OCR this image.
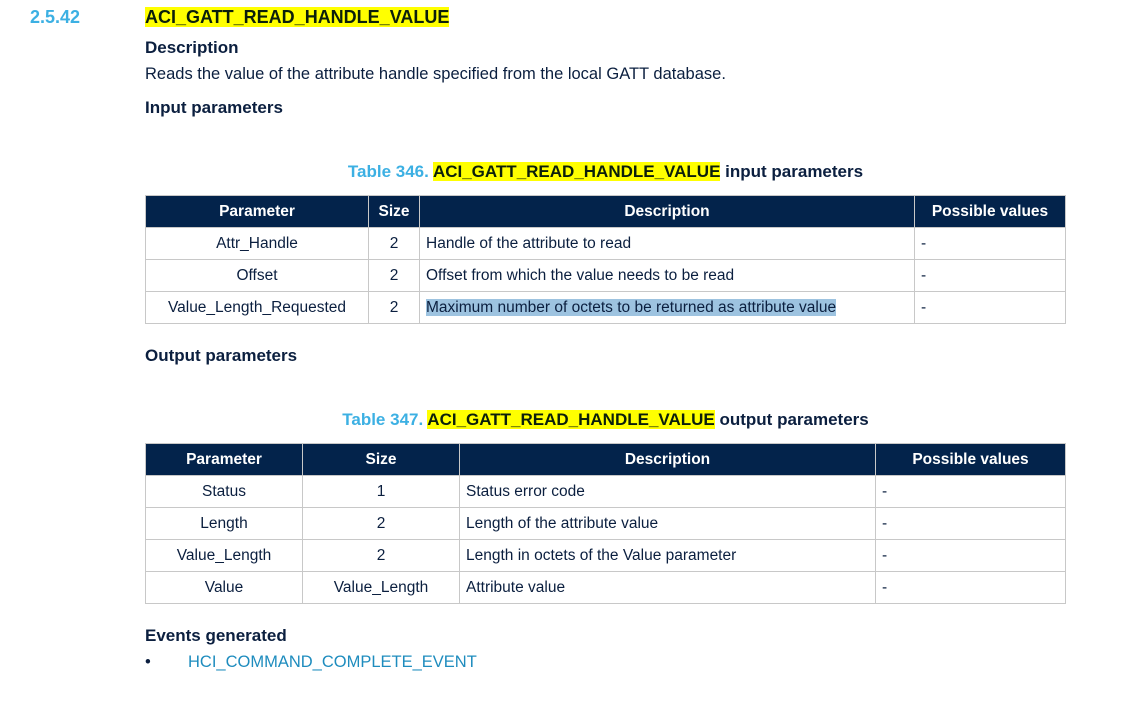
2.5.42	ACI_GATT_READ_HANDLE_VALUE
Description
Reads the value of the attribute handle specified from the local GATT database.
Input parameters
Table 346. ACI_GATT_READ_HANDLE_VALUE input parameters
Parameter	Size	Description	Possible values
Attr_Handle	2	Handle of the attribute to read	-
Offset	2	Offset from which the value needs to be read	-
Value_Length_Requested	2	Maximum number of octets to be returned as attribute value	-
Output parameters
Table 347. ACI_GATT_READ_HANDLE_VALUE output parameters
Parameter	Size	Description	Possible values
Status	1	Status error code	-
Length	2	Length of the attribute value	-
Value_Length	2	Length in octets of the Value parameter	-
Value	Value_Length	Attribute value	-
Events generated
• HCI_COMMAND_COMPLETE_EVENT
